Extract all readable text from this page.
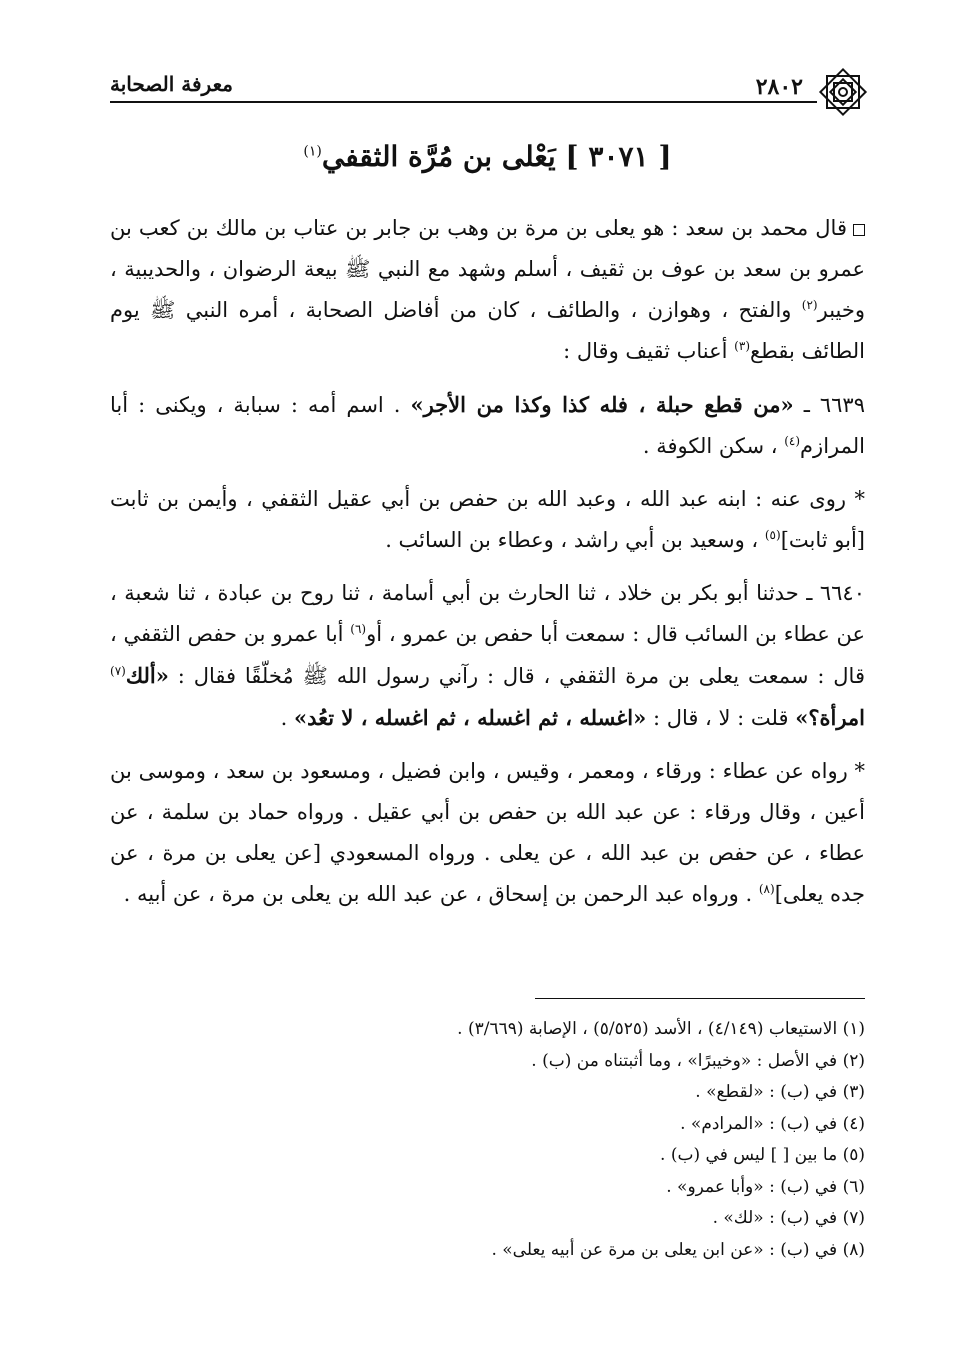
معرفة الصحابة	٢٨٠٢
[ ٣٠٧١ ] يَعْلى بن مُرَّة الثقفي$^{(١)}$

قال محمد بن سعد : هو يعلى بن مرة بن وهب بن جابر بن عتاب بن مالك بن كعب بن عمرو بن سعد بن عوف بن ثقيف ، أسلم وشهد مع النبي ﷺ بيعة الرضوان ، والحديبية ، وخيبر$^{(٢)}$ والفتح ، وهوازن ، والطائف ، كان من أفاضل الصحابة ، أمره النبي ﷺ يوم الطائف بقطع$^{(٣)}$ أعناب ثقيف وقال :

٦٦٣٩ ـ «من قطع حبلة ، فله كذا وكذا من الأجر» . اسم أمه : سبابة ، ويكنى : أبا المرازم$^{(٤)}$ ، سكن الكوفة .

* روى عنه : ابنه عبد الله ، وعبد الله بن حفص بن أبي عقيل الثقفي ، وأيمن بن ثابت [أبو ثابت]$^{(٥)}$ ، وسعيد بن أبي راشد ، وعطاء بن السائب .

٦٦٤٠ ـ حدثنا أبو بكر بن خلاد ، ثنا الحارث بن أبي أسامة ، ثنا روح بن عبادة ، ثنا شعبة ، عن عطاء بن السائب قال : سمعت أبا حفص بن عمرو ، أو$^{(٦)}$ أبا عمرو بن حفص الثقفي ، قال : سمعت يعلى بن مرة الثقفي ، قال : رآني رسول الله ﷺ مُخلّقًا فقال : «ألك$^{(٧)}$ امرأة؟» قلت : لا ، قال : «اغسله ، ثم اغسله ، ثم اغسله ، لا تعُد» .

* رواه عن عطاء : ورقاء ، ومعمر ، وقيس ، وابن فضيل ، ومسعود بن سعد ، وموسى بن أعين ، وقال ورقاء : عن عبد الله بن حفص بن أبي عقيل . ورواه حماد بن سلمة ، عن عطاء ، عن حفص بن عبد الله ، عن يعلى . ورواه المسعودي [عن يعلى بن مرة ، عن جده يعلى]$^{(٨)}$ . ورواه عبد الرحمن بن إسحاق ، عن عبد الله بن يعلى بن مرة ، عن أبيه .

(١) الاستيعاب (٤/١٤٩) ، الأسد (٥/٥٢٥) ، الإصابة (٣/٦٦٩) .
(٢) في الأصل : «وخيبرًا» ، وما أثبتناه من (ب) .
(٣) في (ب) : «لقطع» .
(٤) في (ب) : «المرادم» .
(٥) ما بين [ ] ليس في (ب) .
(٦) في (ب) : «وأبا عمرو» .
(٧) في (ب) : «لك» .
(٨) في (ب) : «عن ابن يعلى بن مرة عن أبيه يعلى» .
